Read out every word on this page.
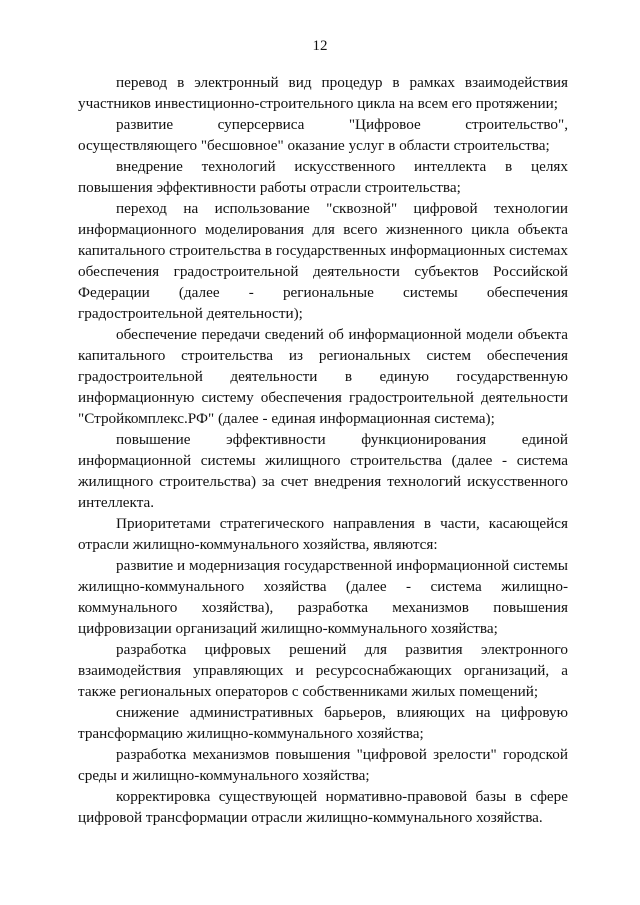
12

перевод в электронный вид процедур в рамках взаимодействия участников инвестиционно-строительного цикла на всем его протяжении;

развитие суперсервиса "Цифровое строительство", осуществляющего "бесшовное" оказание услуг в области строительства;

внедрение технологий искусственного интеллекта в целях повышения эффективности работы отрасли строительства;

переход на использование "сквозной" цифровой технологии информационного моделирования для всего жизненного цикла объекта капитального строительства в государственных информационных системах обеспечения градостроительной деятельности субъектов Российской Федерации (далее - региональные системы обеспечения градостроительной деятельности);

обеспечение передачи сведений об информационной модели объекта капитального строительства из региональных систем обеспечения градостроительной деятельности в единую государственную информационную систему обеспечения градостроительной деятельности "Стройкомплекс.РФ" (далее - единая информационная система);

повышение эффективности функционирования единой информационной системы жилищного строительства (далее - система жилищного строительства) за счет внедрения технологий искусственного интеллекта.

Приоритетами стратегического направления в части, касающейся отрасли жилищно-коммунального хозяйства, являются:

развитие и модернизация государственной информационной системы жилищно-коммунального хозяйства (далее - система жилищно-коммунального хозяйства), разработка механизмов повышения цифровизации организаций жилищно-коммунального хозяйства;

разработка цифровых решений для развития электронного взаимодействия управляющих и ресурсоснабжающих организаций, а также региональных операторов с собственниками жилых помещений;

снижение административных барьеров, влияющих на цифровую трансформацию жилищно-коммунального хозяйства;

разработка механизмов повышения "цифровой зрелости" городской среды и жилищно-коммунального хозяйства;

корректировка существующей нормативно-правовой базы в сфере цифровой трансформации отрасли жилищно-коммунального хозяйства.
